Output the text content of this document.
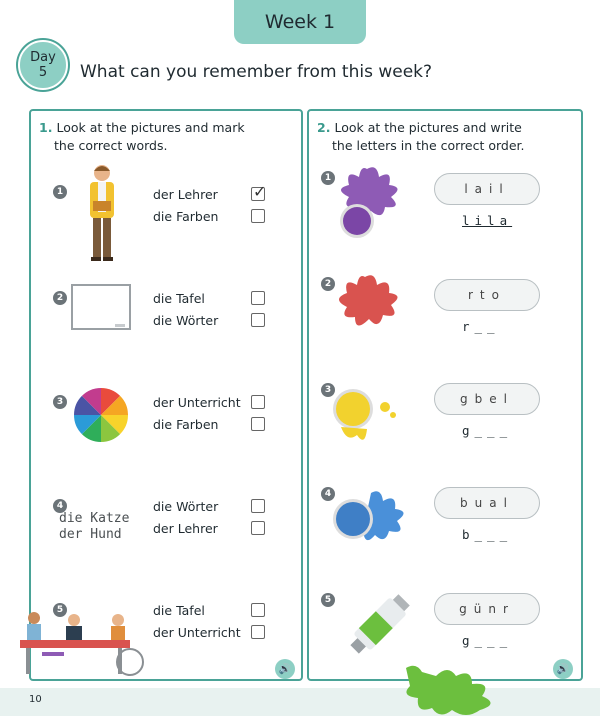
Week 1
Day
5 What can you remember from this week?
1. Look at the pictures and mark
the correct words.
1	der Lehrer ✓
die Farben
2	die Tafel
die Wörter
3	der Unterricht
die Farben
4
die Katze
der Hund
die Wörter
der Lehrer
5	die Tafel
der Unterricht
🔊
2. Look at the pictures and write
the letters in the correct order.
1
lail
lila
2
rto
r__
3
gbel
g___
4
bual
b___
5
günr
g___
🔊
10
